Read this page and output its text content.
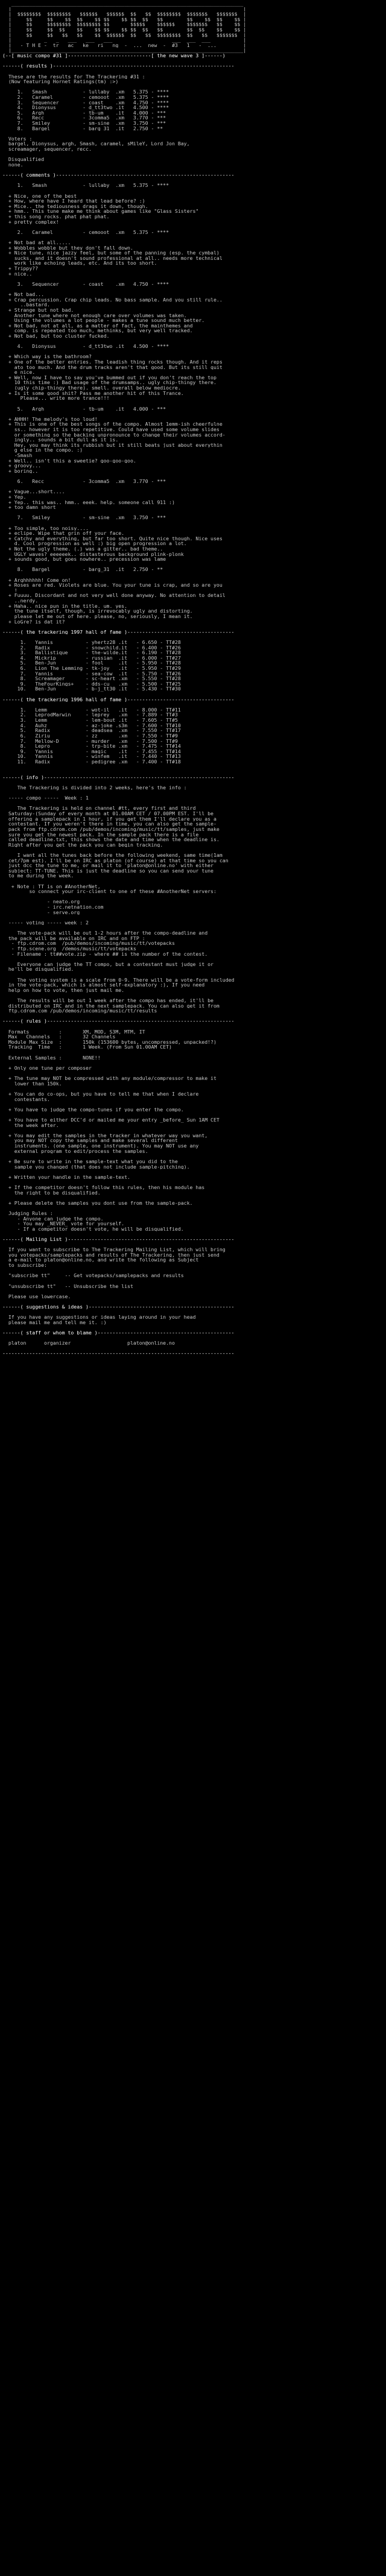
______________________________________________________________________________
|                                                                              |
|  $$$$$$$$  $$$$$$$$   $$$$$$   $$$$$$  $$   $$  $$$$$$$$  $$$$$$$   $$$$$$$  |
|     $$     $$    $$  $$    $$ $$    $$ $$  $$   $$        $$    $$  $$    $$ |
|     $$     $$$$$$$$  $$$$$$$$ $$       $$$$$    $$$$$$    $$$$$$$   $$    $$ |
|     $$     $$  $$    $$    $$ $$    $$ $$  $$   $$        $$  $$    $$    $$ |
|     $$     $$   $$   $$    $$  $$$$$$  $$   $$  $$$$$$$$  $$   $$   $$$$$$$  |
|           _   _   ___   ___   ___                    ___  ___  ___           |
|   - T H E -  tr   ac   ke   ri   ng  -  ...  new  -  #3   1   -  ...         |
|______________________________________________________________________________|
(--[ music compo #31 ]----------------------------[ the new wave 3 ]------)

------( results )-------------------------------------------------------------

These are the results for The Trackering #31 :
(Now featuring Hornet Ratings(tm) :>)

1.   Smash            - lullaby  .xm   5.375 - ****
2.   Caramel          - cemooot  .xm   5.375 - ****
3.   Sequencer        - coast    .xm   4.750 - ****
4.   Dionysus         - d_tt3two .it   4.500 - ****
5.   Argh             - tb-um    .it   4.000 - ***
6.   Recc             - 3comma5  .xm   3.770 - ***
7.   Smiley           - sm-sine  .xm   3.750 - ***
8.   Bargel           - barg_31  .it   2.750 - **

Voters :
bargel, Dionysus, argh, Smash, caramel, sMileY, Lord Jon Bay,
screamager, sequencer, recc.

Disqualified
none.

------( comments )------------------------------------------------------------

1.   Smash            - lullaby  .xm   5.375 - ****

+ Nice, one of the best
+ How, where have I heard that lead before? :)
+ Mice.. the tediousness drags it down, though.
+ hmm.. This tune make me think about games like "Glass Sisters"
+ this song rocks. phat phat phat.
+ pretty complex!

2.   Caramel          - cemooot  .xm   5.375 - ****

+ Not bad at all.....
+ Wobbles wobble but they don't fall down.
+ Nice tune, nice jazzy feel, but some of the panning (esp. the cymbal)
sucks, and it doesn't sound professional at all.. needs more technical
work like echoing leads, etc. And its too short.
+ Trippy??
+ nice..

3.   Sequencer        - coast    .xm   4.750 - ****

+ Not bad...
+ Crap percussion. Crap chip leads. No bass sample. And you still rule..
..bastard.
+ Strange but not bad.
Another tune where not enough care over volumes was taken.
Using the volumes a lot people - makes a tune sound much better.
+ Not bad, not at all, as a matter of fact, the mainthemes and
comp. is repeated too much, methinks, but very well tracked.
+ Not bad, but too cluster fucked.

4.   Dionysus         - d_tt3two .it   4.500 - ****

+ Which way is the bathroom?
+ One of the better entries. The leadish thing rocks though. And it reps
ato too much. And the drum tracks aren't that good. But its still quit
e nice.
+ Well, now I have to say you've bummed out if you don't reach the top
10 this time :) Bad usage of the drumsamps.. ugly chip-thingy there.
(ugly chip-thingy there). smell. overall below mediocre.
+ Is it some good shit? Pass me another hit of this Trance.
Please... write more trance!!!

5.   Argh             - tb-um    .it   4.000 - ***

+ AHHH! The melody's too loud!
+ This is one of the best songs of the compo. Almost 1emm-ish cheerfulne
ss.. however it is too repetitive. Could have used some volume slides
or something so the backing unpronounce to change their volumes accord-
ingly.. sounds a bit dull as it is.
Hey, you may think its rubbish but it still beats just about everythin
g else in the compo. :)
-Smash
+ Well.. isn't this a sweetie? goo-goo-goo.
+ groovy...
+ boring..

6.   Recc             - 3comma5  .xm   3.770 - ***

+ Vague...short....
+ Yep.
+ Yep.. this was.. hmm.. eeek. help. someone call 911 :)
+ too damn short

7.   Smiley           - sm-sine  .xm   3.750 - ***

+ Too simple, too noisy....
+ eclipe. Wipe that grin off your face.
+ Catchy and everything, but far too short. Quite nice though. Nice uses
d. Cool progression as well :) big open progression a lot.
+ Not the ugly theme. (.) was a gitter.. bad theme..
UGLY waves? eeeeeek.. distasterous background plink-plonk
+ sounds good, but goes nowhere.. precession was lame

8.   Bargel           - barg_31  .it   2.750 - **

+ Arghhhhhh! Come on!
+ Roses are red. Violets are blue. You your tune is crap, and so are you
!
+ Fuuuu. Discordant and not very well done anyway. No attention to detail
..nerdy.
+ Haha.. nice pun in the title. um. yes.
the tune itself, though, is irrevocably ugly and distorting.
please let me out of here. please, no, seriously, I mean it.
+ LoGre? is dat it?

------( the trackering 1997 hall of fame )------------------------------------

1.   Yannis           - yhertz28 .it   - 6.650 - TT#28
2.   Radix            - snowchild.it   - 6.400 - TT#26
3.   Ballistique      - the-wilde.it   - 6.190 - TT#28
4.   Mickrip          - russian  .it   - 6.000 - TT#27
5.   Ben-Jun          - fool     .it   - 5.950 - TT#28
6.   Lion The Lemming - tk-joy   .it   - 5.950 - TT#29
7.   Yannis           - sea-cow  .it   - 5.750 - TT#26
8.   Screamager       - sc-heart .xm   - 5.550 - TT#28
9.   TheFourKings+    - dds-cu   .xm   - 5.500 - TT#25
10.   Ben-Jun          - b-j_tt30 .it   - 5.430 - TT#30

------( the trackering 1996 hall of fame )------------------------------------

1.   Lemm             - wot-il   .it   - 8.000 - TT#11
2.   LeprodMarwin     - leprey   .xm   - 7.889 - TT#3
3.   Lemm             - lem-bout .it   - 7.605 - TT#5
4.   Auhz             - az-joke .s3m   - 7.600 - TT#10
5.   Radix            - deadsea  .xm   - 7.550 - TT#17
6.   Ziriu            - zz       .xm   - 7.550 - TT#9
7.   Mellow-D         - murder   .xm   - 7.500 - TT#9
8.   Lepro            - trp-bite .xm   - 7.475 - TT#14
9.   Yannis           - magic    .it   - 7.455 - TT#14
10.   Yannis           - winfem   .it   - 7.440 - TT#13
11.   Radix            - pedigree .xm   - 7.400 - TT#18

------( info )----------------------------------------------------------------

The Trackering is divided into 2 weeks, here's the info :

----- compo -----  Week : 1

The Trackering is held on channel #tt, every first and third
Saturday-(Sunday of every month at 01.00AM CET / 07.00PM EST. I'll be
offering a samplepack in 1 hour, if you get them I'll declare you as a
contestant. If you weren't there in time, you can also get the sample-
pack from ftp.cdrom.com /pub/demos/incoming/music/tt/samples, just make
sure you get the newest pack. In the sample pack there is a file
called deadline.txt, this shows the date and time when the deadline is.
Right after you get the pack you can begin tracking.

I want all the tunes back before the following weekend, same time(1am
cet/7pm est). I'll be on IRC as platon (of course) at that time so you can
just dcc the tune to me, or mail it to 'platon@online.no' with either
subject: TT-TUNE. This is just the deadline so you can send your tune
to me during the week.

+ Note : TT is on #AnotherNet,
so connect your irc-client to one of these #AnotherNet servers:

- neato.org
- irc.netnation.com
- serve.org

----- voting ----- week : 2

The vote-pack will be out 1-2 hours after the compo-deadline and
the pack will be available on IRC and on FTP :
- ftp.cdrom.com  /pub/demos/incoming/music/tt/votepacks
- ftp.scene.org  /demos/music/tt/votepacks
- Filename : tt##vote.zip - where ## is the number of the contest.

Everyone can judge the TT compo, but a contestant must judge it or
he'll be disqualified.

The voting system is a scale from 0-9. There will be a vote-form included
in the vote-pack, which is almost self-explanatory :), If you need
help on how to vote, then just mail me.

The results will be out 1 week after the compo has ended, it'll be
distributed on IRC and in the next samplepack. You can also get it from
ftp.cdrom.com /pub/demos/incoming/music/tt/results

------( rules )---------------------------------------------------------------

Formats          :       XM, MOD, S3M, MTM, IT
Max   Channels   :       32 Channels
Module Max Size  :       150k (153600 bytes, uncompressed, unpacked!?)
Tracking  Time   :       1 Week. (From Sun 01.00AM CET)

External Samples :       NONE!!

+ Only one tune per composer

+ The tune may NOT be compressed with any module/compressor to make it
lower than 150k.

+ You can do co-ops, but you have to tell me that when I declare
contestants.

+ You have to judge the compo-tunes if you enter the compo.

+ You have to either DCC'd or mailed me your entry _before_ Sun 1AM CET
the week after.

+ You may edit the samples in the tracker in whatever way you want,
you may NOT copy the samples and make several different
instruments. (one sample, one instrument). You may NOT use any
external program to edit/process the samples.

+ Be sure to write in the sample-text what you did to the
sample you changed (that does not include sample-pitching).

+ Written your handle in the sample-text.

+ If the competitor doesn't follow this rules, then his module has
the right to be disqualified.

+ Please delete the samples you dont use from the sample-pack.

Judging Rules :
- Anyone can judge the compo.
- You may _NEVER_ vote for yourself.
- If a competitor doesn't vote, he will be disqualified.

------( Mailing List )--------------------------------------------------------

If you want to subscribe to The Trackering Mailing List, which will bring
you votepacks/samplepacks and results of The Trackering, then just send
a e-mail to platon@online.no, and write the following as Subject
to subscribe:

"subscribe tt"     -- Get votepacks/samplepacks and results

"unsubscribe tt"   -- Unsubscribe the list

Please use lowercase.

------( suggestions & ideas )-------------------------------------------------

If you have any suggestions or ideas laying around in your head
please mail me and tell me it. :)

------( staff or whom to blame )----------------------------------------------

platon      organizer                   platon@online.no

------------------------------------------------------------------------------
